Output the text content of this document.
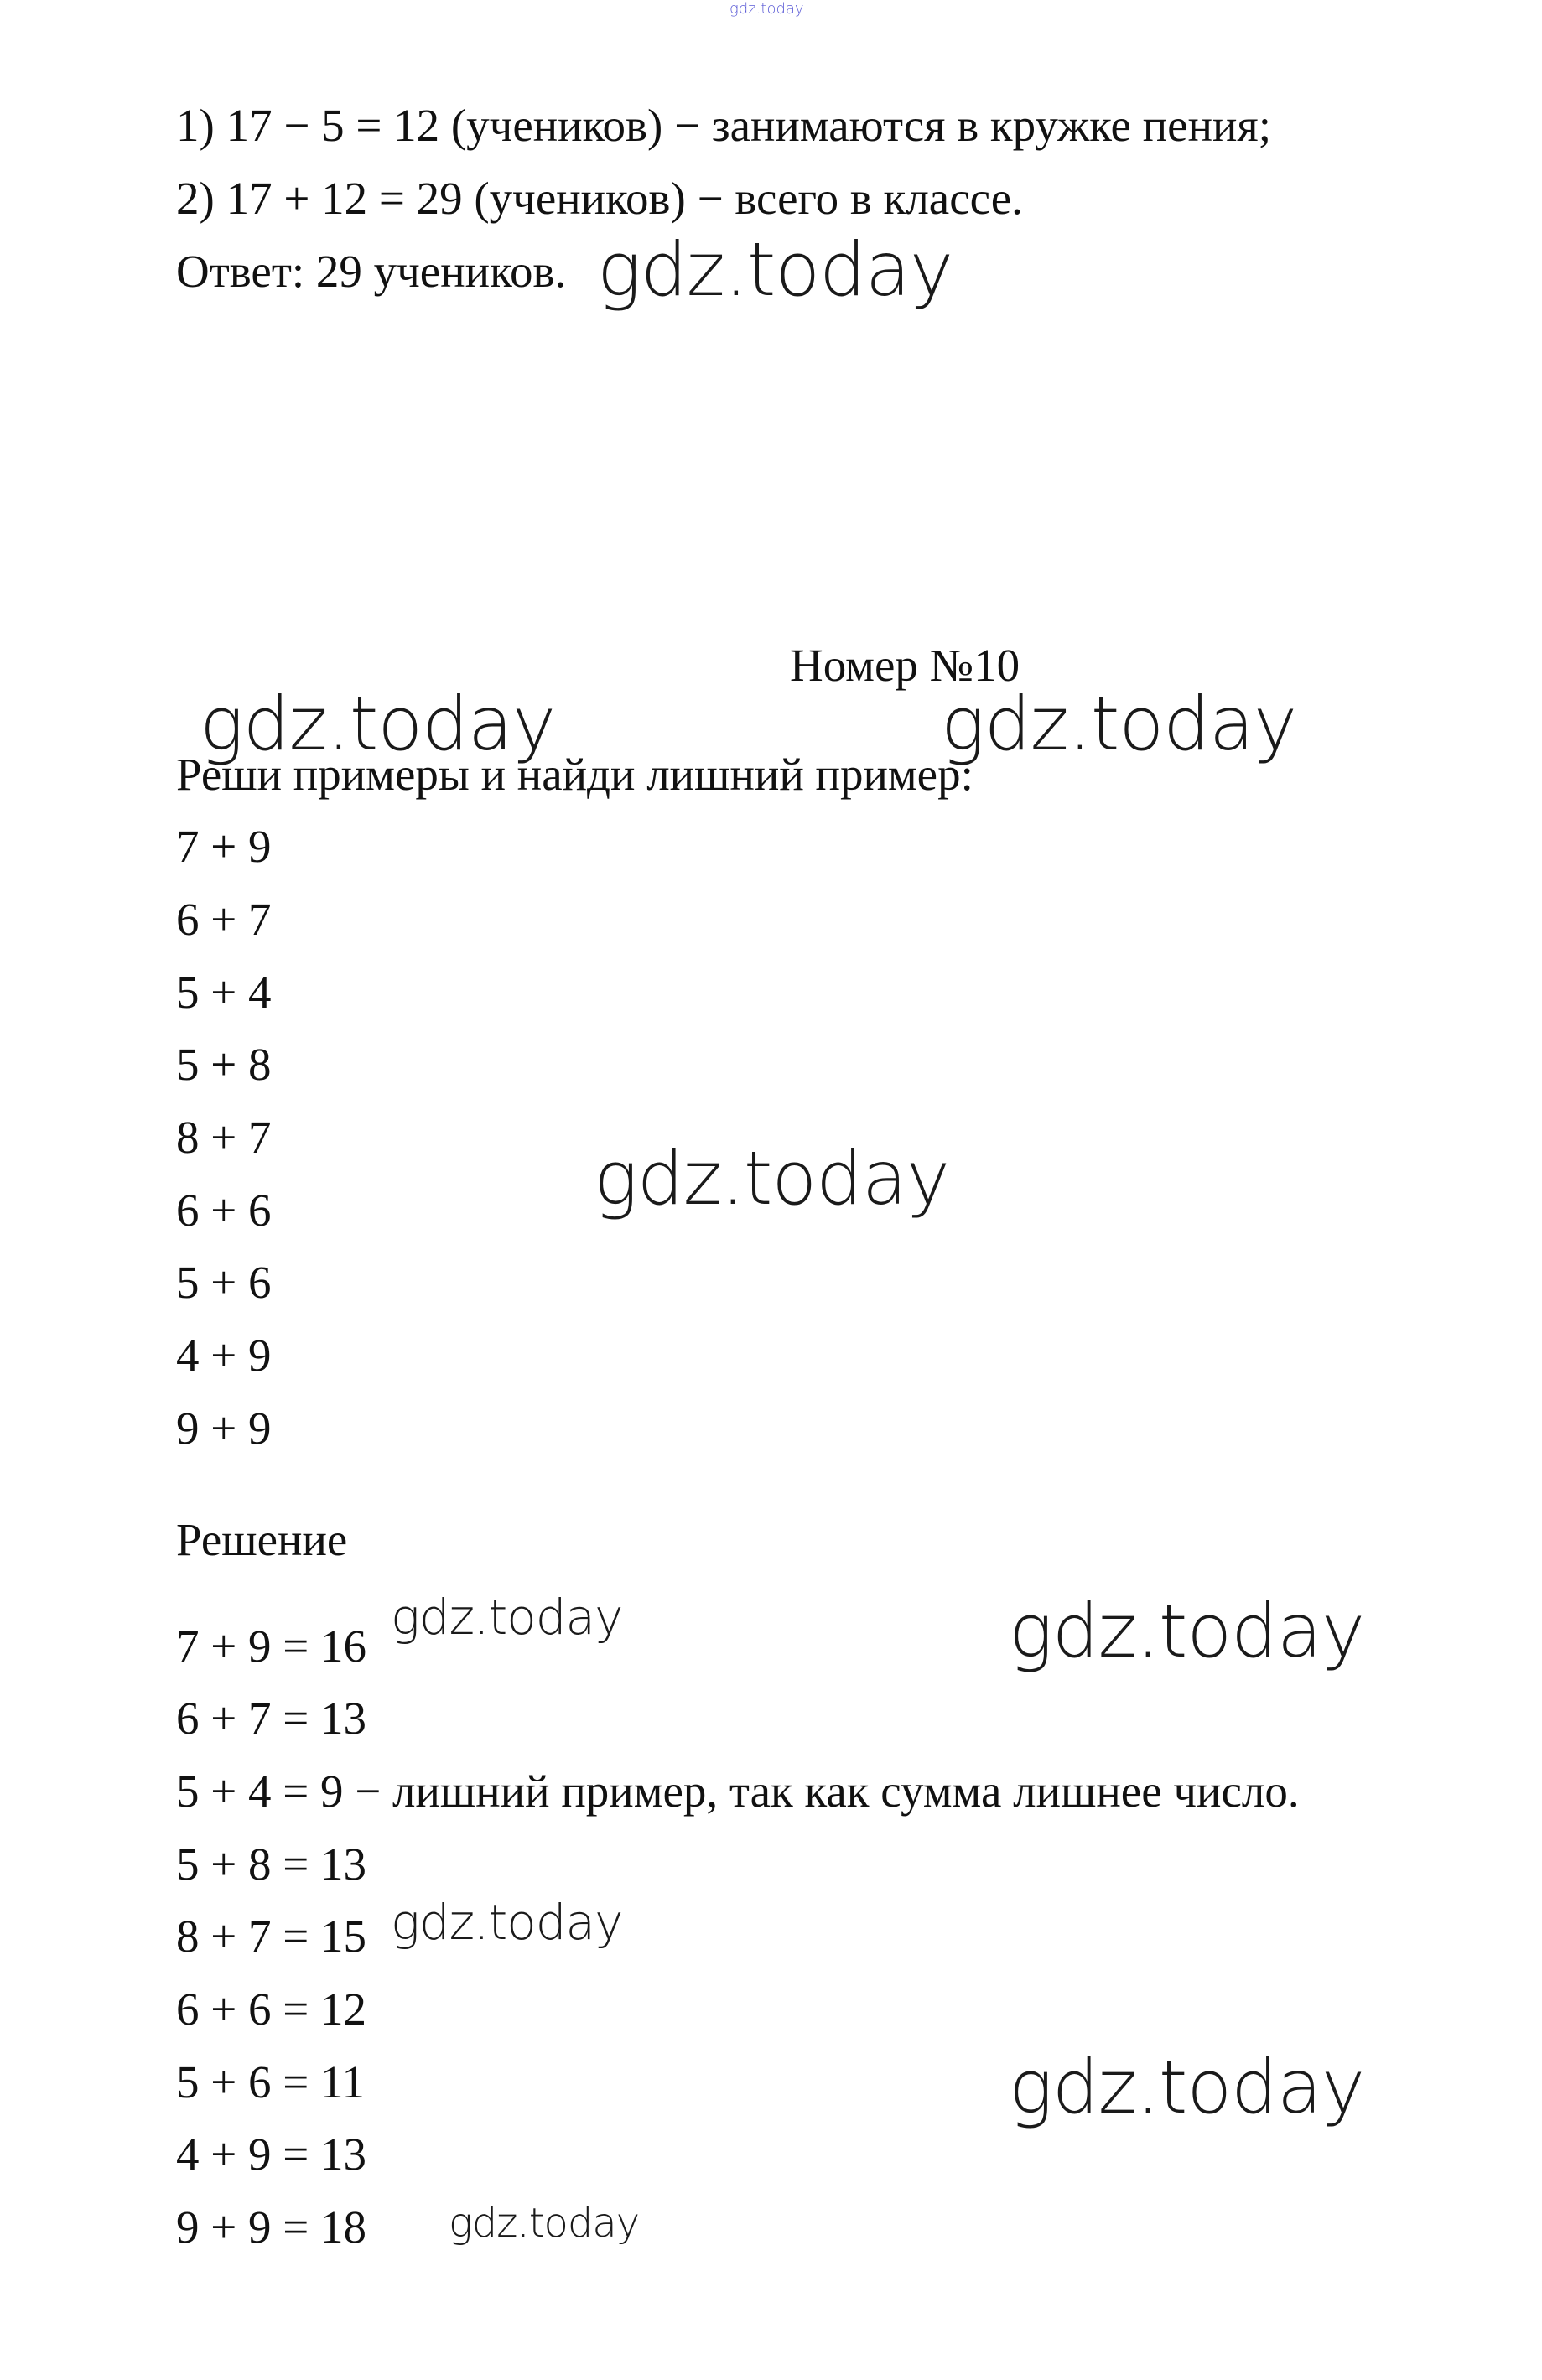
gdz.today
1) 17 − 5 = 12 (учеников) − занимаются в кружке пения;
2) 17 + 12 = 29 (учеников) − всего в классе.
Ответ: 29 учеников. gdz.today
Номер №10
gdz.today	gdz.today
Реши примеры и найди лишний пример:
7 + 9
6 + 7
5 + 4
5 + 8
8 + 7
6 + 6
5 + 6
4 + 9
9 + 9
gdz.today
Решение
7 + 9 = 16
gdz.today	gdz.today
6 + 7 = 13
5 + 4 = 9 − лишний пример, так как сумма лишнее число.
5 + 8 = 13
8 + 7 = 15 gdz.today
6 + 6 = 12
5 + 6 = 11	gdz.today
4 + 9 = 13
9 + 9 = 18 gdz.today
